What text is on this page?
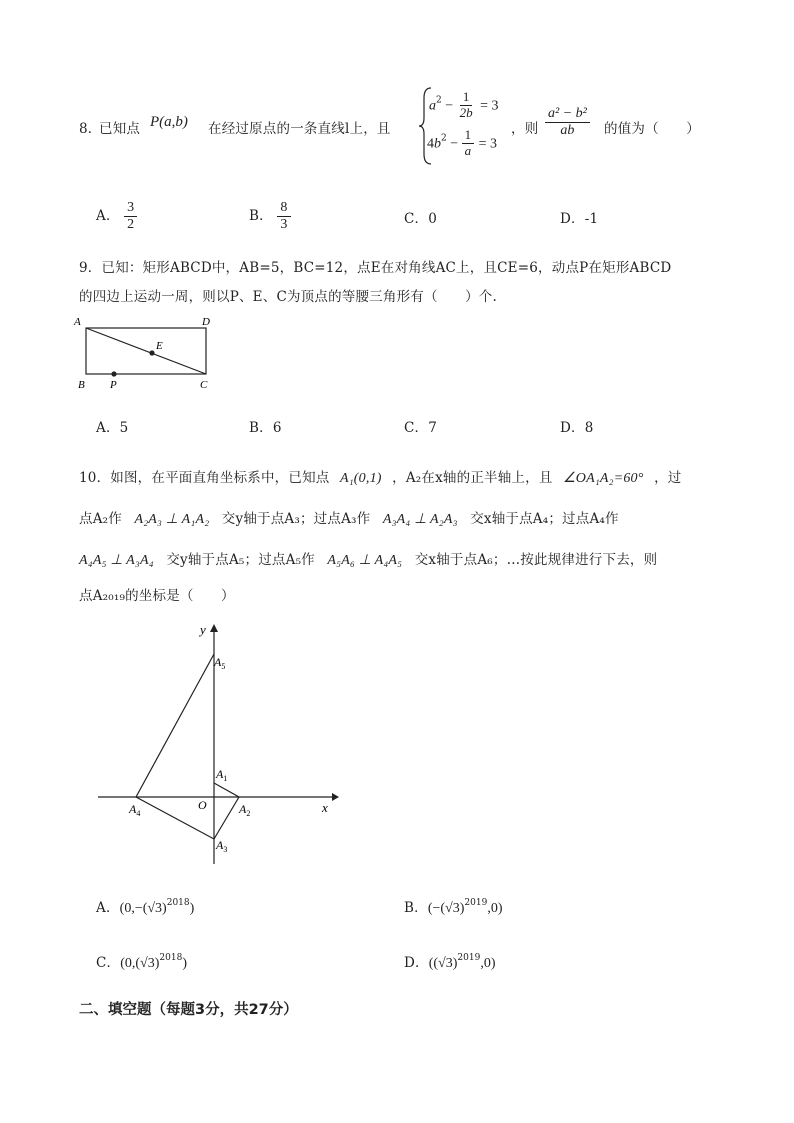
8．
已知点 P(a,b) 在经过原点的一条直线l上，且
$a^2 - \frac{1}{2b} = 3$
$4b^2 - \frac{1}{a} = 3$
，则 $\frac{\text{a² − b²}}{ab}$ 的值为（　　）
A． $\frac{3}{2}$	B． $\frac{8}{3}$	C．0	D．-1
9．已知：矩形ABCD中，AB=5，BC=12，点E在对角线AC上，且CE=6，动点P在矩形ABCD
的四边上运动一周，则以P、E、C为顶点的等腰三角形有（　　）个.
A	D
E
B P	C
A．5	B．6	C．7	D．8
10．如图，在平面直角坐标系中，已知点 A₁(0,1) ，A₂在x轴的正半轴上，且 ∠OA₁A₂=60° ，过
点A₂作 A₂A₃ ⊥ A₁A₂ 交y轴于点A₃；过点A₃作 A₃A₄ ⊥ A₂A₃ 交x轴于点A₄；过点A₄作
A₄A₅ ⊥ A₃A₄ 交y轴于点A₅；过点A₅作 A₅A₆ ⊥ A₄A₅ 交x轴于点A₆；…按此规律进行下去，则
点A₂₀₁₉的坐标是（　　）
y
x
O
$A_1$
$A_2$
$A_3$
$A_4$
$A_5$
A．$(0,-(√3)^{2018})$	B．$(-(√3)^{2019},0)$
C．$(0,(√3)^{2018})$	D．$((√3)^{2019},0)$
二、填空题（每题3分，共27分）
